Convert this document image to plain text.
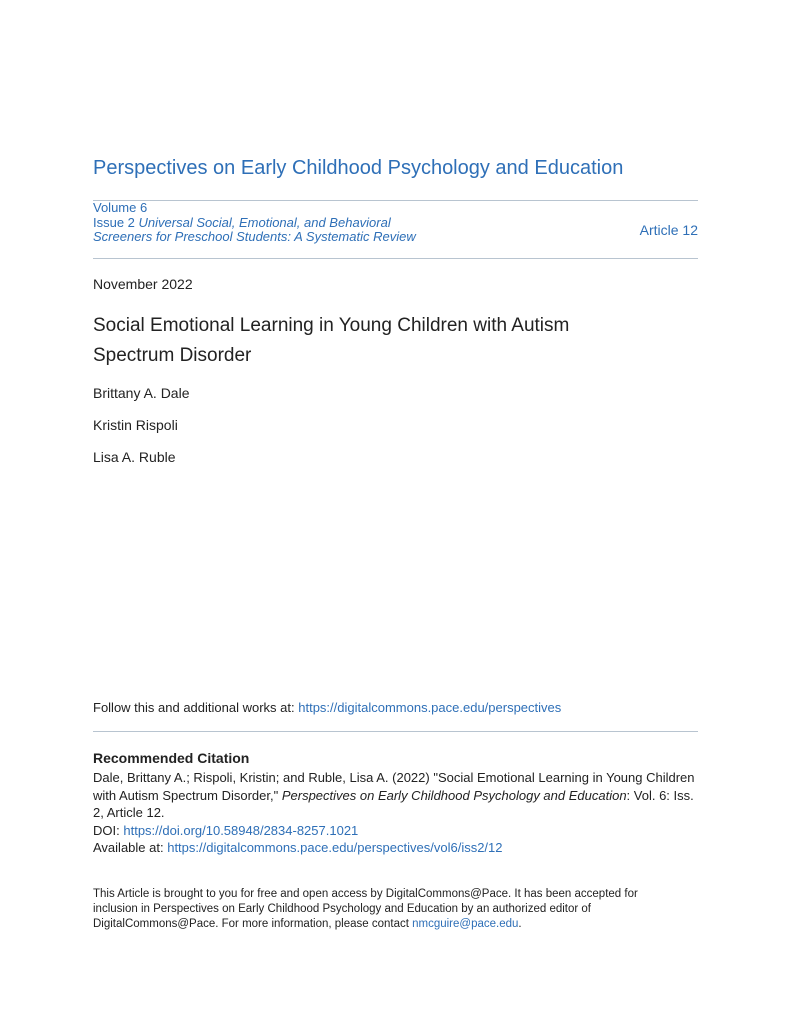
Perspectives on Early Childhood Psychology and Education
Volume 6
Issue 2 Universal Social, Emotional, and Behavioral Screeners for Preschool Students: A Systematic Review	Article 12
November 2022
Social Emotional Learning in Young Children with Autism Spectrum Disorder
Brittany A. Dale
Kristin Rispoli
Lisa A. Ruble
Follow this and additional works at: https://digitalcommons.pace.edu/perspectives
Recommended Citation
Dale, Brittany A.; Rispoli, Kristin; and Ruble, Lisa A. (2022) "Social Emotional Learning in Young Children with Autism Spectrum Disorder," Perspectives on Early Childhood Psychology and Education: Vol. 6: Iss. 2, Article 12.
DOI: https://doi.org/10.58948/2834-8257.1021
Available at: https://digitalcommons.pace.edu/perspectives/vol6/iss2/12
This Article is brought to you for free and open access by DigitalCommons@Pace. It has been accepted for inclusion in Perspectives on Early Childhood Psychology and Education by an authorized editor of DigitalCommons@Pace. For more information, please contact nmcguire@pace.edu.
